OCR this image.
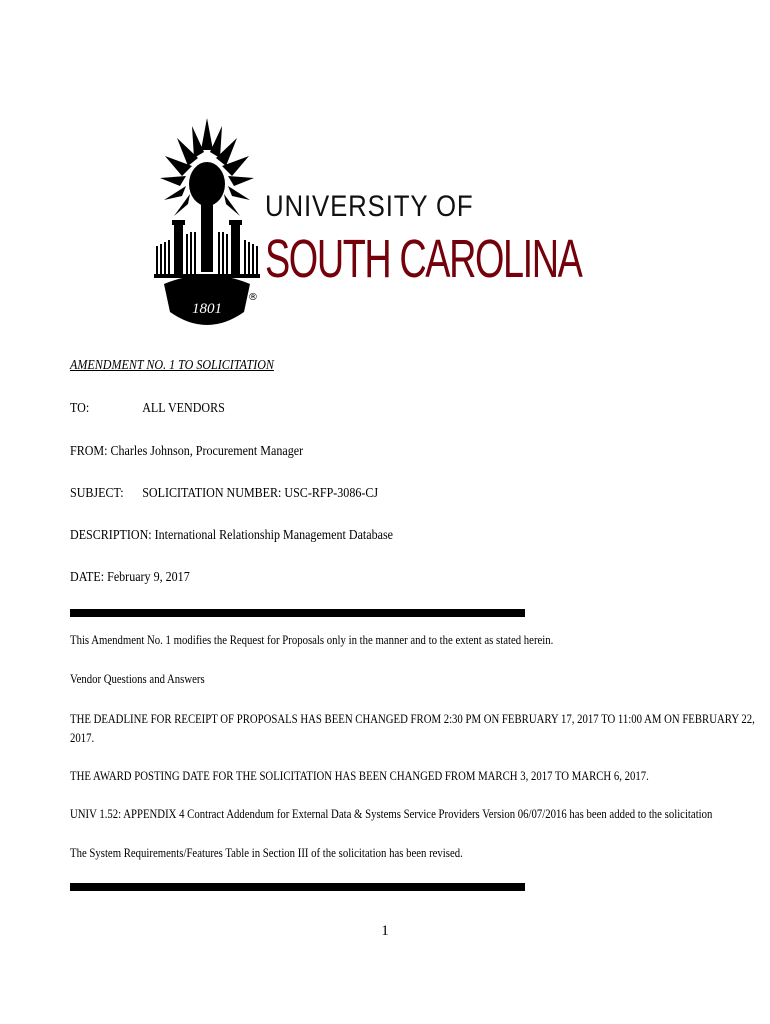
1801
®
UNIVERSITY OF
SOUTH CAROLINA
AMENDMENT NO. 1 TO SOLICITATION
TO:	ALL VENDORS
FROM: Charles Johnson, Procurement Manager
SUBJECT: SOLICITATION NUMBER: USC-RFP-3086-CJ
DESCRIPTION: International Relationship Management Database
DATE: February 9, 2017
This Amendment No. 1 modifies the Request for Proposals only in the manner and to the extent as stated herein.
Vendor Questions and Answers
THE DEADLINE FOR RECEIPT OF PROPOSALS HAS BEEN CHANGED FROM 2:30 PM ON FEBRUARY 17, 2017 TO 11:00 AM ON FEBRUARY 22,
2017.
THE AWARD POSTING DATE FOR THE SOLICITATION HAS BEEN CHANGED FROM MARCH 3, 2017 TO MARCH 6, 2017.
UNIV 1.52: APPENDIX 4 Contract Addendum for External Data & Systems Service Providers Version 06/07/2016 has been added to the solicitation
The System Requirements/Features Table in Section III of the solicitation has been revised.
1
